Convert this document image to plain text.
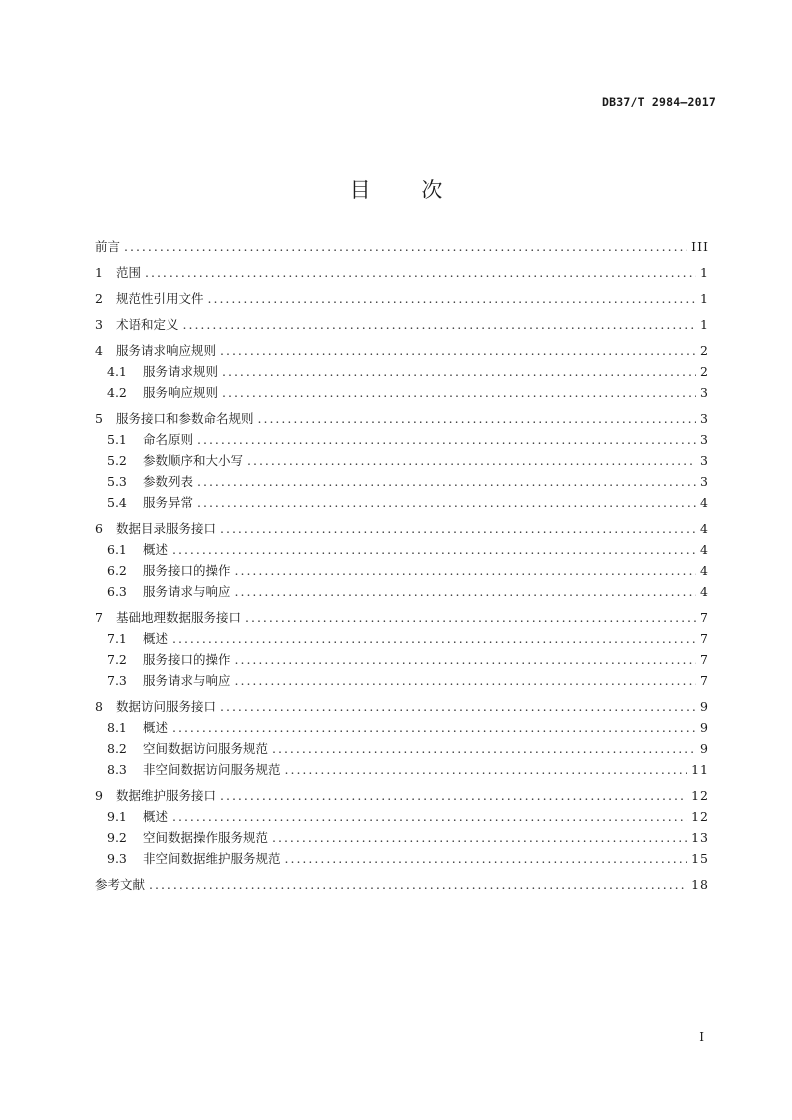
DB37/T 2984—2017
目 次
前言 .....	III
1	范围 .....	1
2	规范性引用文件 .....	1
3	术语和定义 .....	1
4	服务请求响应规则 .....	2
4.1	服务请求规则 .....	2
4.2	服务响应规则 .....	3
5	服务接口和参数命名规则 .....	3
5.1	命名原则 .....	3
5.2	参数顺序和大小写 .....	3
5.3	参数列表 .....	3
5.4	服务异常 .....	4
6	数据目录服务接口 .....	4
6.1	概述 .....	4
6.2	服务接口的操作 .....	4
6.3	服务请求与响应 .....	4
7	基础地理数据服务接口 .....	7
7.1	概述 .....	7
7.2	服务接口的操作 .....	7
7.3	服务请求与响应 .....	7
8	数据访问服务接口 .....	9
8.1	概述 .....	9
8.2	空间数据访问服务规范 .....	9
8.3	非空间数据访问服务规范 .....	11
9	数据维护服务接口 .....	12
9.1	概述 .....	12
9.2	空间数据操作服务规范 .....	13
9.3	非空间数据维护服务规范 .....	15
参考文献 .....	18
I
